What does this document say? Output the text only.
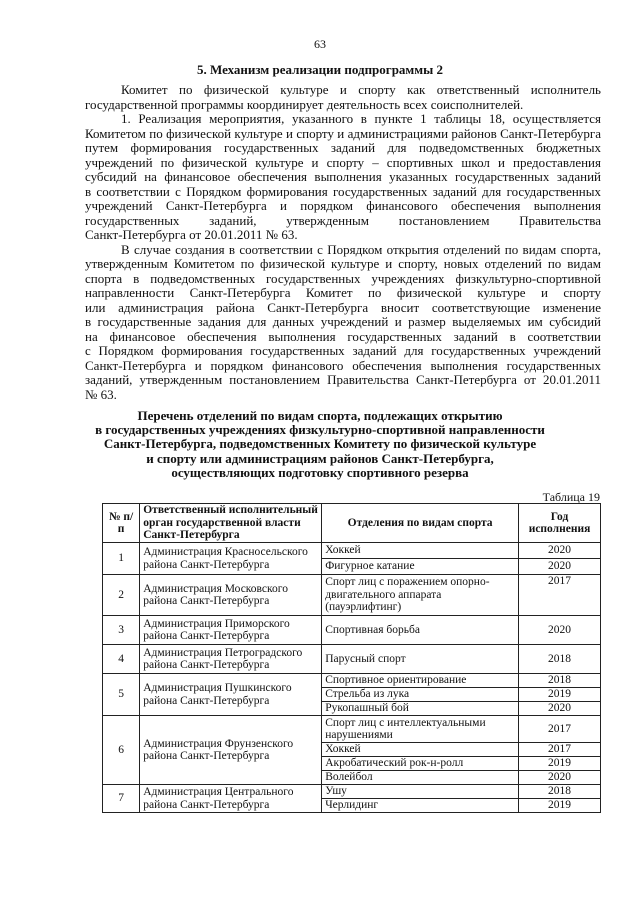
63
5. Механизм реализации подпрограммы 2
Комитет по физической культуре и спорту как ответственный исполнитель
государственной программы координирует деятельность всех соисполнителей.
1. Реализация мероприятия, указанного в пункте 1 таблицы 18, осуществляется
Комитетом по физической культуре и спорту и администрациями районов Санкт-Петербурга
путем формирования государственных заданий для подведомственных бюджетных
учреждений по физической культуре и спорту – спортивных школ и предоставления
субсидий на финансовое обеспечения выполнения указанных государственных заданий
в соответствии с Порядком формирования государственных заданий для государственных
учреждений Санкт-Петербурга и порядком финансового обеспечения выполнения
государственных заданий, утвержденным постановлением Правительства
Санкт-Петербурга от 20.01.2011 № 63.
В случае создания в соответствии с Порядком открытия отделений по видам спорта,
утвержденным Комитетом по физической культуре и спорту, новых отделений по видам
спорта в подведомственных государственных учреждениях физкультурно-спортивной
направленности Санкт-Петербурга Комитет по физической культуре и спорту
или администрация района Санкт-Петербурга вносит соответствующие изменение
в государственные задания для данных учреждений и размер выделяемых им субсидий
на финансовое обеспечения выполнения государственных заданий в соответствии
с Порядком формирования государственных заданий для государственных учреждений
Санкт-Петербурга и порядком финансового обеспечения выполнения государственных
заданий, утвержденным постановлением Правительства Санкт-Петербурга от 20.01.2011
№ 63.
Перечень отделений по видам спорта, подлежащих открытию
в государственных учреждениях физкультурно-спортивной направленности
Санкт-Петербурга, подведомственных Комитету по физической культуре
и спорту или администрациям районов Санкт-Петербурга,
осуществляющих подготовку спортивного резерва
Таблица 19
№ п/п	Ответственный исполнительный орган государственной власти Санкт-Петербурга	Отделения по видам спорта	Год исполнения
1	Администрация Красносельского района Санкт-Петербурга	Хоккей	2020
		Фигурное катание	2020
2	Администрация Московского района Санкт-Петербурга	Спорт лиц с поражением опорно-двигательного аппарата (пауэрлифтинг)	2017
3	Администрация Приморского района Санкт-Петербурга	Спортивная борьба	2020
4	Администрация Петроградского района Санкт-Петербурга	Парусный спорт	2018
5	Администрация Пушкинского района Санкт-Петербурга	Спортивное ориентирование	2018
		Стрельба из лука	2019
		Рукопашный бой	2020
6	Администрация Фрунзенского района Санкт-Петербурга	Спорт лиц с интеллектуальными нарушениями	2017
		Хоккей	2017
		Акробатический рок-н-ролл	2019
		Волейбол	2020
7	Администрация Центрального района Санкт-Петербурга	Ушу	2018
		Черлидинг	2019
